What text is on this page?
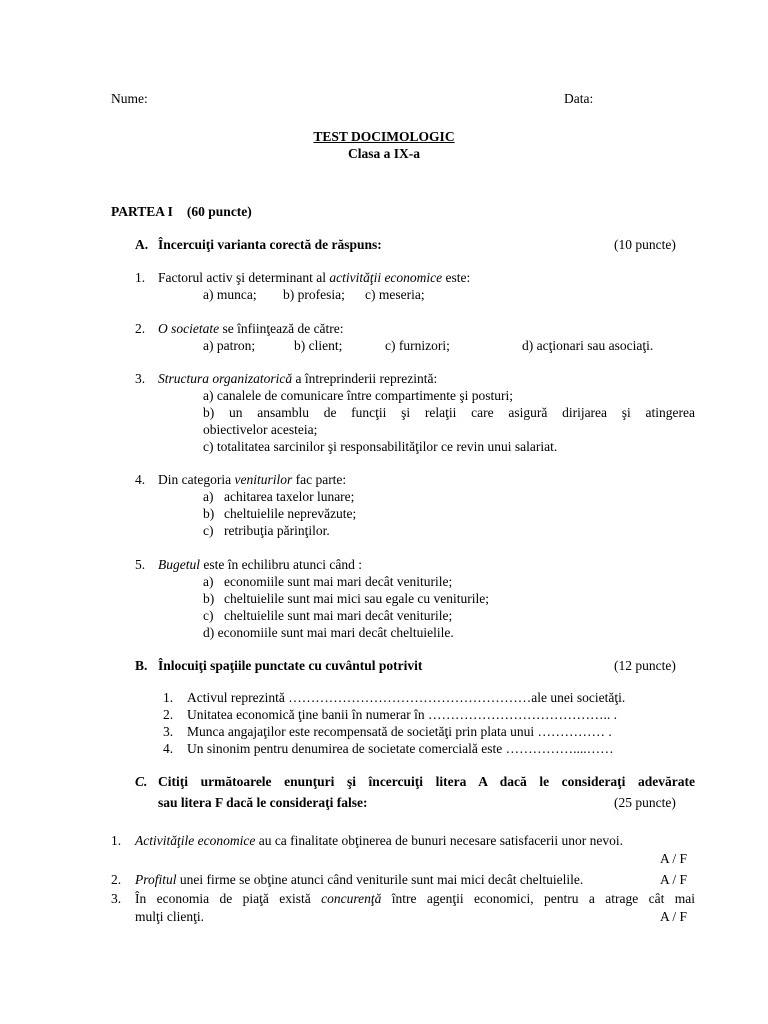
Nume:	Data:
TEST DOCIMOLOGIC
Clasa a IX-a
PARTEA I (60 puncte)
A. Încercuiţi varianta corectă de răspuns:	(10 puncte)
1. Factorul activ şi determinant al activităţii economice este:
a) munca; b) profesia; c) meseria;
2. O societate se înfiinţează de către:
a) patron;	b) client;	c) furnizori;	d) acţionari sau asociaţi.
3. Structura organizatorică a întreprinderii reprezintă:
a) canalele de comunicare între compartimente şi posturi;
b) un ansamblu de funcţii şi relaţii care asigură dirijarea şi atingerea
obiectivelor acesteia;
c) totalitatea sarcinilor şi responsabilităţilor ce revin unui salariat.
4. Din categoria veniturilor fac parte:
a) achitarea taxelor lunare;
b) cheltuielile neprevăzute;
c) retribuţia părinţilor.
5. Bugetul este în echilibru atunci când :
a) economiile sunt mai mari decât veniturile;
b) cheltuielile sunt mai mici sau egale cu veniturile;
c) cheltuielile sunt mai mari decât veniturile;
d) economiile sunt mai mari decât cheltuielile.
B. Înlocuiţi spaţiile punctate cu cuvântul potrivit	(12 puncte)
1. Activul reprezintă ………………………………………………ale unei societăţi.
2. Unitatea economică ţine banii în numerar în ………………………………….. .
3. Munca angajaţilor este recompensată de societăţi prin plata unui …………… .
4. Un sinonim pentru denumirea de societate comercială este ……………....……
C. Citiţi următoarele enunţuri şi încercuiţi litera A dacă le consideraţi adevărate
sau litera F dacă le consideraţi false:	(25 puncte)
1. Activităţile economice au ca finalitate obţinerea de bunuri necesare satisfacerii unor nevoi.
A / F
2. Profitul unei firme se obţine atunci când veniturile sunt mai mici decât cheltuielile.	A / F
3. În economia de piaţă există concurenţă între agenţii economici, pentru a atrage cât mai
mulţi clienţi.	A / F
